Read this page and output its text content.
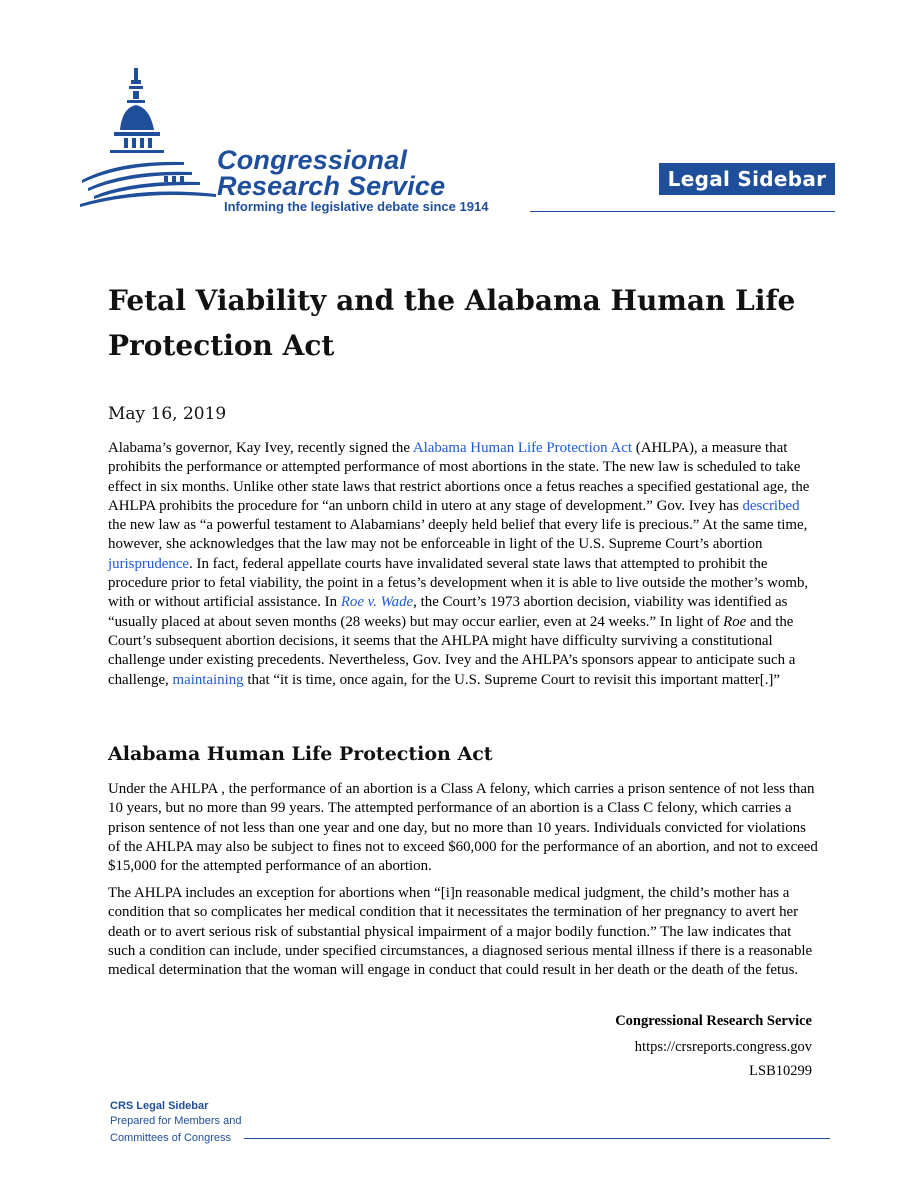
Congressional
Research Service
Informing the legislative debate since 1914
Legal Sidebar
Fetal Viability and the Alabama Human Life Protection Act
May 16, 2019
Alabama’s governor, Kay Ivey, recently signed the Alabama Human Life Protection Act (AHLPA), a measure that prohibits the performance or attempted performance of most abortions in the state. The new law is scheduled to take effect in six months. Unlike other state laws that restrict abortions once a fetus reaches a specified gestational age, the AHLPA prohibits the procedure for “an unborn child in utero at any stage of development.” Gov. Ivey has described the new law as “a powerful testament to Alabamians’ deeply held belief that every life is precious.” At the same time, however, she acknowledges that the law may not be enforceable in light of the U.S. Supreme Court’s abortion jurisprudence. In fact, federal appellate courts have invalidated several state laws that attempted to prohibit the procedure prior to fetal viability, the point in a fetus’s development when it is able to live outside the mother’s womb, with or without artificial assistance. In Roe v. Wade, the Court’s 1973 abortion decision, viability was identified as “usually placed at about seven months (28 weeks) but may occur earlier, even at 24 weeks.” In light of Roe and the Court’s subsequent abortion decisions, it seems that the AHLPA might have difficulty surviving a constitutional challenge under existing precedents. Nevertheless, Gov. Ivey and the AHLPA’s sponsors appear to anticipate such a challenge, maintaining that “it is time, once again, for the U.S. Supreme Court to revisit this important matter[.]”
Alabama Human Life Protection Act
Under the AHLPA , the performance of an abortion is a Class A felony, which carries a prison sentence of not less than 10 years, but no more than 99 years. The attempted performance of an abortion is a Class C felony, which carries a prison sentence of not less than one year and one day, but no more than 10 years. Individuals convicted for violations of the AHLPA may also be subject to fines not to exceed $60,000 for the performance of an abortion, and not to exceed $15,000 for the attempted performance of an abortion.
The AHLPA includes an exception for abortions when “[i]n reasonable medical judgment, the child’s mother has a condition that so complicates her medical condition that it necessitates the termination of her pregnancy to avert her death or to avert serious risk of substantial physical impairment of a major bodily function.” The law indicates that such a condition can include, under specified circumstances, a diagnosed serious mental illness if there is a reasonable medical determination that the woman will engage in conduct that could result in her death or the death of the fetus.
Congressional Research Service
https://crsreports.congress.gov
LSB10299
CRS Legal Sidebar
Prepared for Members and
Committees of Congress
